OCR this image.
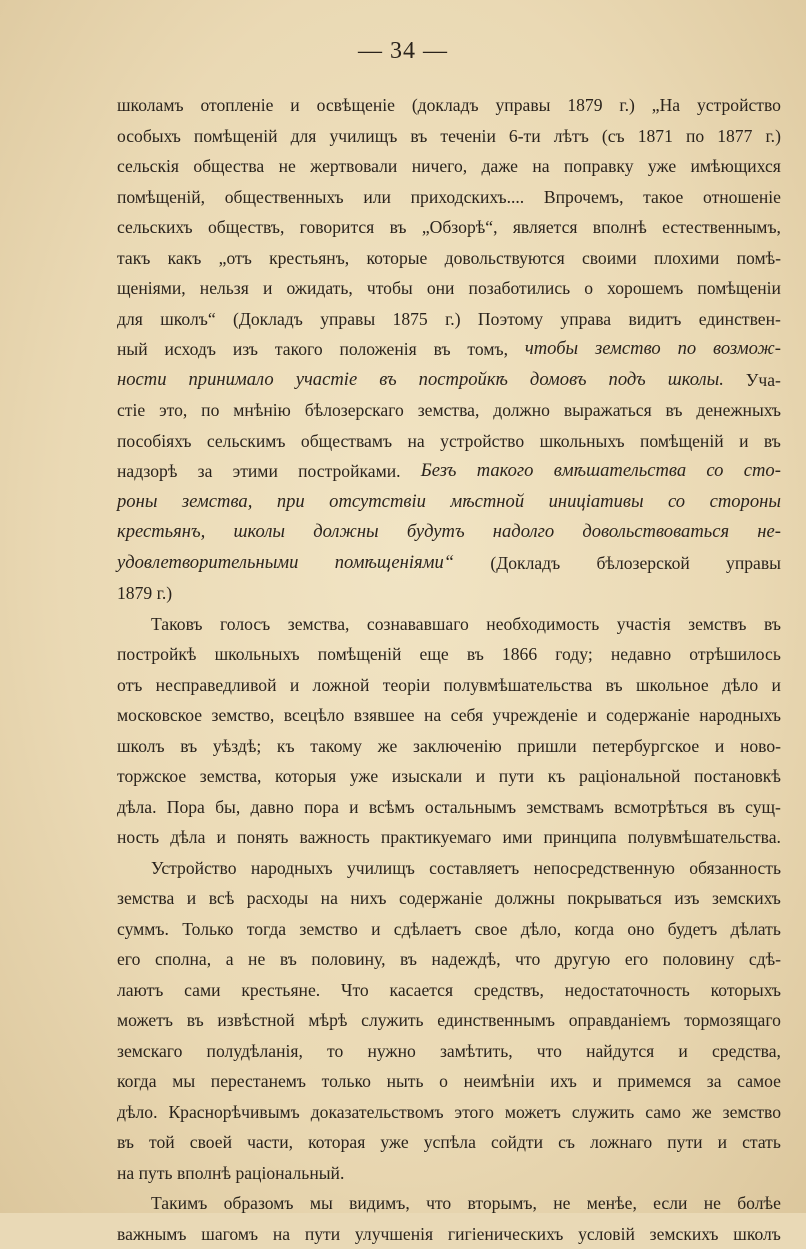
— 34 —
школамъ отопленіе и освѣщеніе (докладъ управы 1879 г.) „На устройство
особыхъ помѣщеній для училищъ въ теченіи 6-ти лѣтъ (съ 1871 по 1877 г.)
сельскія общества не жертвовали ничего, даже на поправку уже имѣющихся
помѣщеній, общественныхъ или приходскихъ.... Впрочемъ, такое отношеніе
сельскихъ обществъ, говорится въ „Обзорѣ“, является вполнѣ естественнымъ,
такъ какъ „отъ крестьянъ, которые довольствуются своими плохими помѣ-
щеніями, нельзя и ожидать, чтобы они позаботились о хорошемъ помѣщеніи
для школъ“ (Докладъ управы 1875 г.) Поэтому управа видитъ единствен-
ный исходъ изъ такого положенія въ томъ, чтобы земство по возмож-
ности принимало участіе въ постройкѣ домовъ подъ школы. Уча-
стіе это, по мнѣнію бѣлозерскаго земства, должно выражаться въ денежныхъ
пособіяхъ сельскимъ обществамъ на устройство школьныхъ помѣщеній и въ
надзорѣ за этими постройками. Безъ такого вмѣшательства со сто-
роны земства, при отсутствіи мѣстной иниціативы со стороны
крестьянъ, школы должны будутъ надолго довольствоваться не-
удовлетворительными помѣщеніями“ (Докладъ бѣлозерской управы
1879 г.)
Таковъ голосъ земства, сознававшаго необходимость участія земствъ въ
постройкѣ школьныхъ помѣщеній еще въ 1866 году; недавно отрѣшилось
отъ несправедливой и ложной теоріи полувмѣшательства въ школьное дѣло и
московское земство, всецѣло взявшее на себя учрежденіе и содержаніе народныхъ
школъ въ уѣздѣ; къ такому же заключенію пришли петербургское и ново-
торжское земства, которыя уже изыскали и пути къ раціональной постановкѣ
дѣла. Пора бы, давно пора и всѣмъ остальнымъ земствамъ всмотрѣться въ сущ-
ность дѣла и понять важность практикуемаго ими принципа полувмѣшательства.
Устройство народныхъ училищъ составляетъ непосредственную обязанность
земства и всѣ расходы на нихъ содержаніе должны покрываться изъ земскихъ
суммъ. Только тогда земство и сдѣлаетъ свое дѣло, когда оно будетъ дѣлать
его сполна, а не въ половину, въ надеждѣ, что другую его половину сдѣ-
лаютъ сами крестьяне. Что касается средствъ, недостаточность которыхъ
можетъ въ извѣстной мѣрѣ служить единственнымъ оправданіемъ тормозящаго
земскаго полудѣланія, то нужно замѣтить, что найдутся и средства,
когда мы перестанемъ только ныть о неимѣніи ихъ и примемся за самое
дѣло. Краснорѣчивымъ доказательствомъ этого можетъ служить само же земство
въ той своей части, которая уже успѣла сойдти съ ложнаго пути и стать
на путь вполнѣ раціональный.
Такимъ образомъ мы видимъ, что вторымъ, не менѣе, если не болѣе
важнымъ шагомъ на пути улучшенія гигіеническихъ условій земскихъ школъ
